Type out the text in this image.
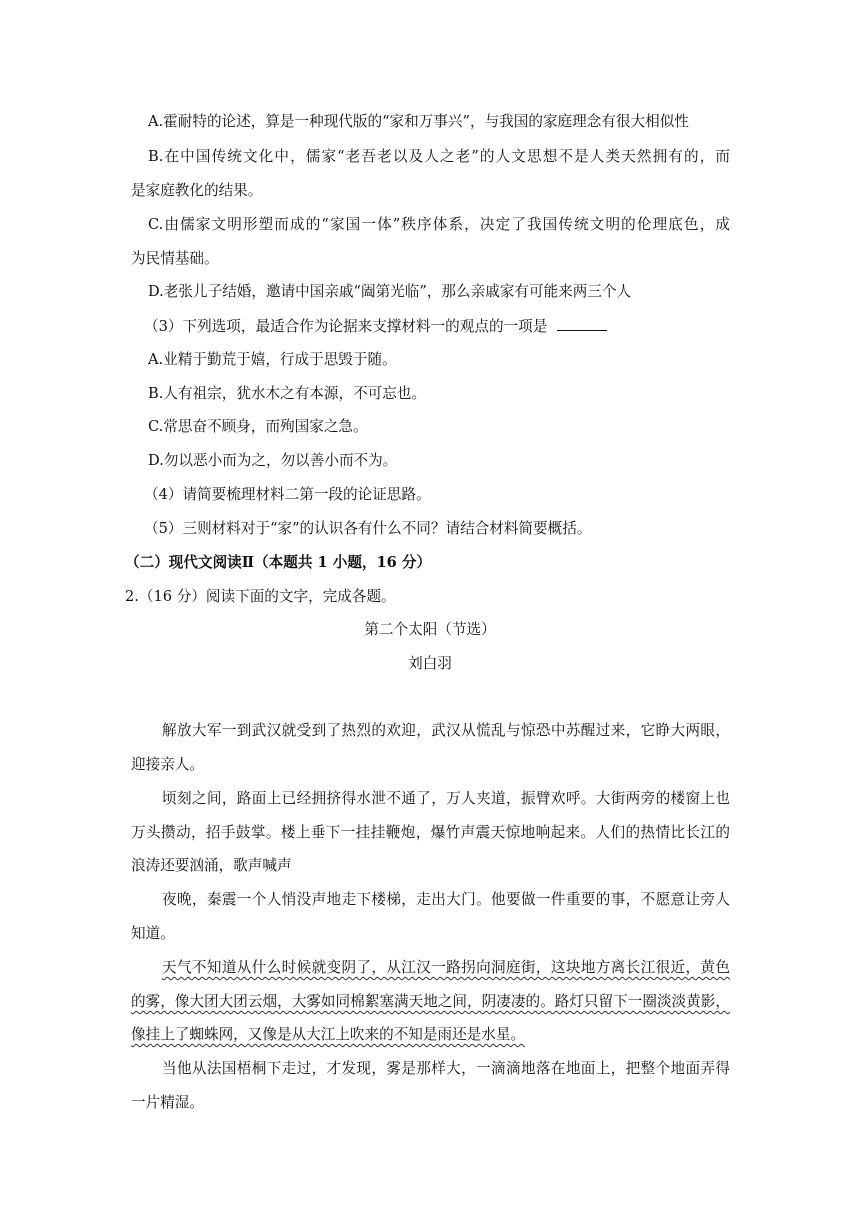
A.霍耐特的论述，算是一种现代版的“家和万事兴”，与我国的家庭理念有很大相似性
B.在中国传统文化中，儒家“老吾老以及人之老”的人文思想不是人类天然拥有的，而
是家庭教化的结果。
C.由儒家文明形塑而成的“家国一体”秩序体系，决定了我国传统文明的伦理底色，成
为民情基础。
D.老张儿子结婚，邀请中国亲戚“阖第光临”，那么亲戚家有可能来两三个人
（3）下列选项，最适合作为论据来支撑材料一的观点的一项是
A.业精于勤荒于嬉，行成于思毁于随。
B.人有祖宗，犹水木之有本源，不可忘也。
C.常思奋不顾身，而殉国家之急。
D.勿以恶小而为之，勿以善小而不为。
（4）请简要梳理材料二第一段的论证思路。
（5）三则材料对于“家”的认识各有什么不同？请结合材料简要概括。
（二）现代文阅读Ⅱ（本题共 1 小题，16 分）
2.（16 分）阅读下面的文字，完成各题。
第二个太阳（节选）
刘白羽
解放大军一到武汉就受到了热烈的欢迎，武汉从慌乱与惊恐中苏醒过来，它睁大两眼，
迎接亲人。
顷刻之间，路面上已经拥挤得水泄不通了，万人夹道，振臂欢呼。大街两旁的楼窗上也
万头攒动，招手鼓掌。楼上垂下一挂挂鞭炮，爆竹声震天惊地响起来。人们的热情比长江的
浪涛还要汹涌，歌声喊声
夜晚，秦震一个人悄没声地走下楼梯，走出大门。他要做一件重要的事，不愿意让旁人
知道。
天气不知道从什么时候就变阴了，从江汉一路拐向洞庭街，这块地方离长江很近，黄色
的雾，像大团大团云烟，大雾如同棉絮塞满天地之间，阴凄凄的。路灯只留下一圈淡淡黄影，
像挂上了蜘蛛网，又像是从大江上吹来的不知是雨还是水星。
当他从法国梧桐下走过，才发现，雾是那样大，一滴滴地落在地面上，把整个地面弄得
一片精湿。
